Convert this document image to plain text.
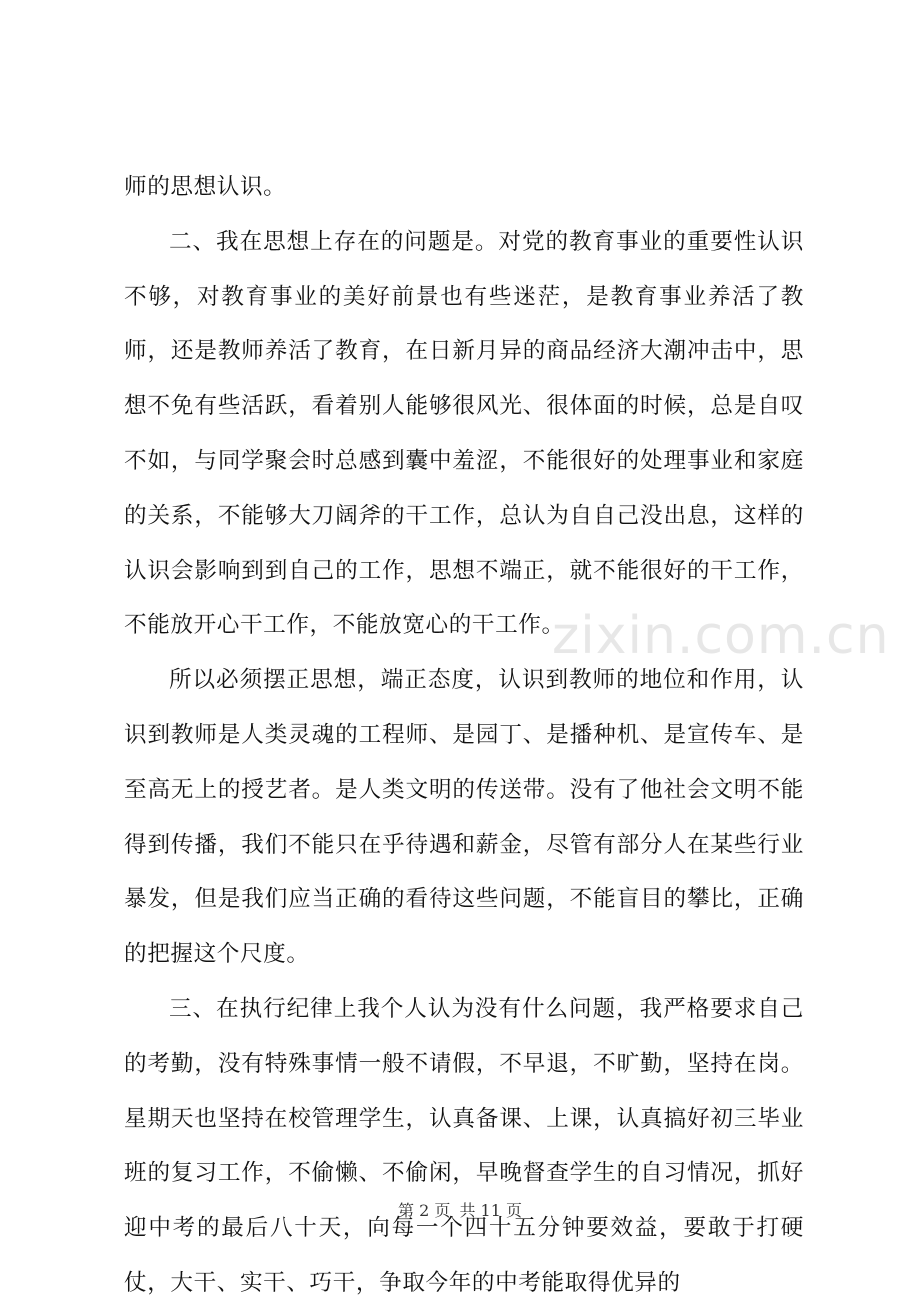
师的思想认识。

二、我在思想上存在的问题是。对党的教育事业的重要性认识不够，对教育事业的美好前景也有些迷茫，是教育事业养活了教师，还是教师养活了教育，在日新月异的商品经济大潮冲击中，思想不免有些活跃，看着别人能够很风光、很体面的时候，总是自叹不如，与同学聚会时总感到囊中羞涩，不能很好的处理事业和家庭的关系，不能够大刀阔斧的干工作，总认为自自己没出息，这样的认识会影响到到自己的工作，思想不端正，就不能很好的干工作，不能放开心干工作，不能放宽心的干工作。

所以必须摆正思想，端正态度，认识到教师的地位和作用，认识到教师是人类灵魂的工程师、是园丁、是播种机、是宣传车、是至高无上的授艺者。是人类文明的传送带。没有了他社会文明不能得到传播，我们不能只在乎待遇和薪金，尽管有部分人在某些行业暴发，但是我们应当正确的看待这些问题，不能盲目的攀比，正确的把握这个尺度。

三、在执行纪律上我个人认为没有什么问题，我严格要求自己的考勤，没有特殊事情一般不请假，不早退，不旷勤，坚持在岗。星期天也坚持在校管理学生，认真备课、上课，认真搞好初三毕业班的复习工作，不偷懒、不偷闲，早晚督查学生的自习情况，抓好迎中考的最后八十天，向每一个四十五分钟要效益，要敢于打硬仗，大干、实干、巧干，争取今年的中考能取得优异的

zixin.com.cn
第 2 页 共 11 页
